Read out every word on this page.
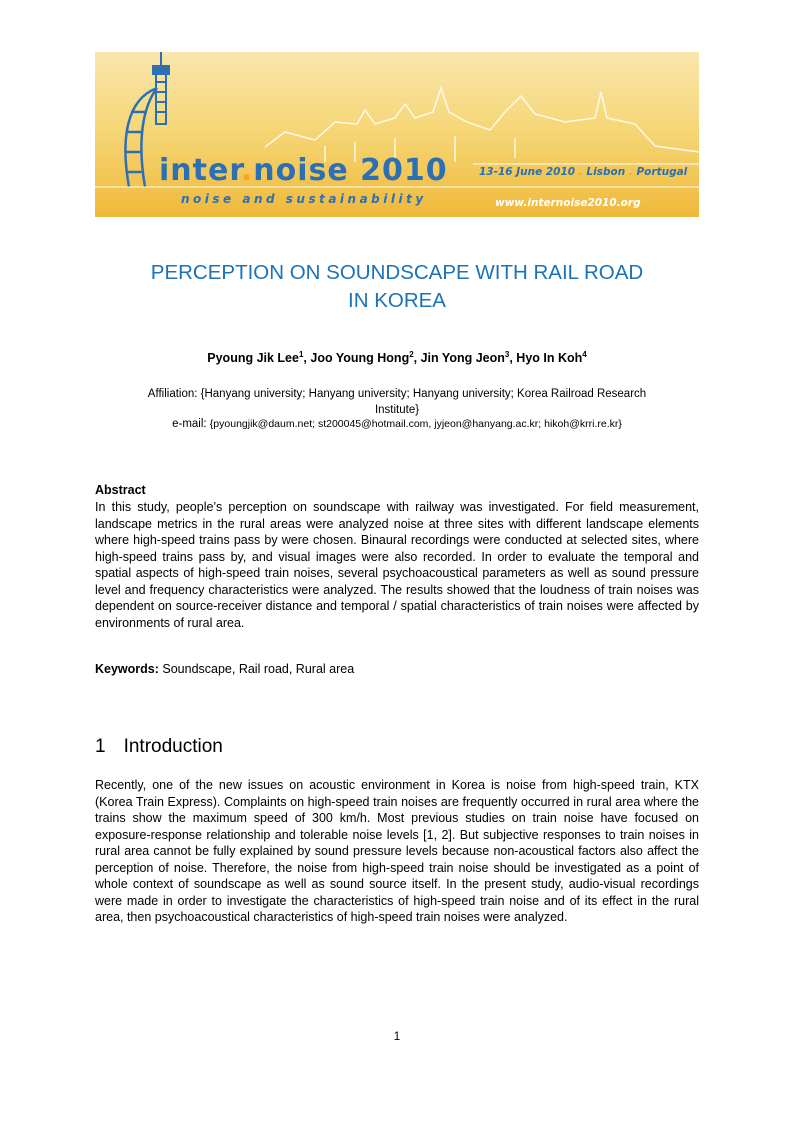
inter.noise 2010
noise and sustainability
13-16 June 2010 . Lisbon . Portugal
www.internoise2010.org
PERCEPTION ON SOUNDSCAPE WITH RAIL ROAD
IN KOREA
Pyoung Jik Lee$^1$, Joo Young Hong$^2$, Jin Yong Jeon$^3$, Hyo In Koh$^4$
Affiliation: {Hanyang university; Hanyang university; Hanyang university; Korea Railroad Research
Institute}
e-mail: {pyoungjik@daum.net; st200045@hotmail.com, jyjeon@hanyang.ac.kr; hikoh@krri.re.kr}
Abstract

In this study, people’s perception on soundscape with railway was investigated. For field measurement, landscape metrics in the rural areas were analyzed noise at three sites with different landscape elements where high-speed trains pass by were chosen. Binaural recordings were conducted at selected sites, where high-speed trains pass by, and visual images were also recorded. In order to evaluate the temporal and spatial aspects of high-speed train noises, several psychoacoustical parameters as well as sound pressure level and frequency characteristics were analyzed. The results showed that the loudness of train noises was dependent on source-receiver distance and temporal / spatial characteristics of train noises were affected by environments of rural area.

Keywords: Soundscape, Rail road, Rural area
1 Introduction

Recently, one of the new issues on acoustic environment in Korea is noise from high-speed train, KTX (Korea Train Express). Complaints on high-speed train noises are frequently occurred in rural area where the trains show the maximum speed of 300 km/h. Most previous studies on train noise have focused on exposure-response relationship and tolerable noise levels [1, 2]. But subjective responses to train noises in rural area cannot be fully explained by sound pressure levels because non-acoustical factors also affect the perception of noise. Therefore, the noise from high-speed train noise should be investigated as a point of whole context of soundscape as well as sound source itself. In the present study, audio-visual recordings were made in order to investigate the characteristics of high-speed train noise and of its effect in the rural area, then psychoacoustical characteristics of high-speed train noises were analyzed.

1
